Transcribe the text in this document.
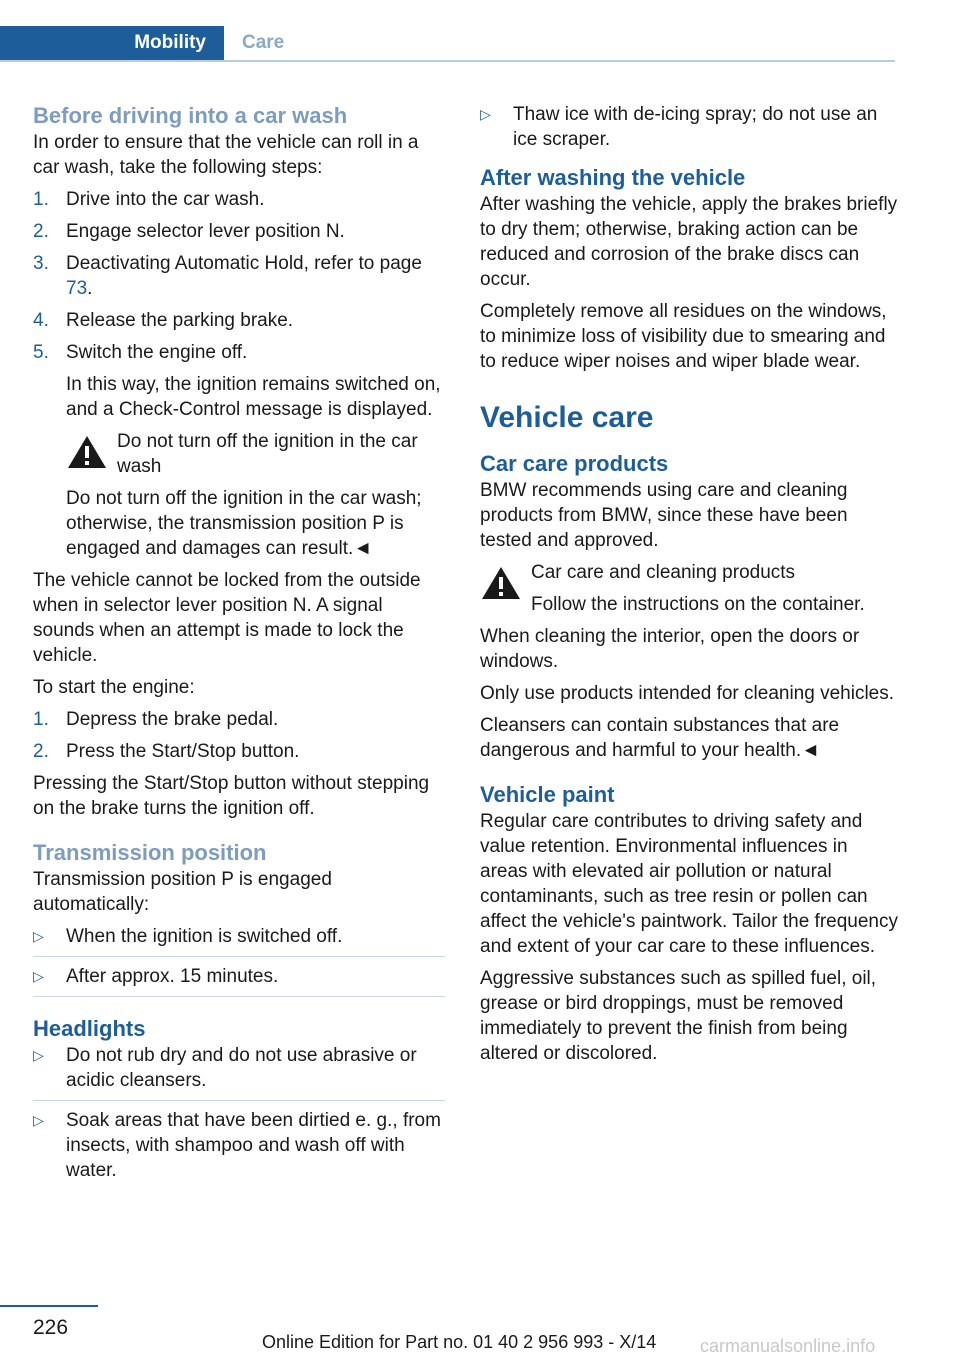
Mobility Care
Before driving into a car wash

In order to ensure that the vehicle can roll in a car wash, take the following steps:

1. Drive into the car wash.
2. Engage selector lever position N.
3. Deactivating Automatic Hold, refer to page 73.
4. Release the parking brake.
5. Switch the engine off.

In this way, the ignition remains switched on, and a Check-Control message is displayed.

Do not turn off the ignition in the car wash

Do not turn off the ignition in the car wash; otherwise, the transmission position P is engaged and damages can result.◄

The vehicle cannot be locked from the outside when in selector lever position N. A signal sounds when an attempt is made to lock the vehicle.

To start the engine:

1. Depress the brake pedal.
2. Press the Start/Stop button.

Pressing the Start/Stop button without stepping on the brake turns the ignition off.

Transmission position

Transmission position P is engaged automatically:

▷ When the ignition is switched off.
▷ After approx. 15 minutes.
Headlights
▷ Do not rub dry and do not use abrasive or acidic cleansers.
▷ Soak areas that have been dirtied e. g., from insects, with shampoo and wash off with water.
▷ Thaw ice with de-icing spray; do not use an ice scraper.
After washing the vehicle

After washing the vehicle, apply the brakes briefly to dry them; otherwise, braking action can be reduced and corrosion of the brake discs can occur.

Completely remove all residues on the windows, to minimize loss of visibility due to smearing and to reduce wiper noises and wiper blade wear.

Vehicle care
Car care products

BMW recommends using care and cleaning products from BMW, since these have been tested and approved.

Car care and cleaning products
Follow the instructions on the container.

When cleaning the interior, open the doors or windows.

Only use products intended for cleaning vehicles.

Cleansers can contain substances that are dangerous and harmful to your health.◄

Vehicle paint

Regular care contributes to driving safety and value retention. Environmental influences in areas with elevated air pollution or natural contaminants, such as tree resin or pollen can affect the vehicle's paintwork. Tailor the frequency and extent of your car care to these influences.

Aggressive substances such as spilled fuel, oil, grease or bird droppings, must be removed immediately to prevent the finish from being altered or discolored.

226
Online Edition for Part no. 01 40 2 956 993 - X/14 carmanualsonline.info
